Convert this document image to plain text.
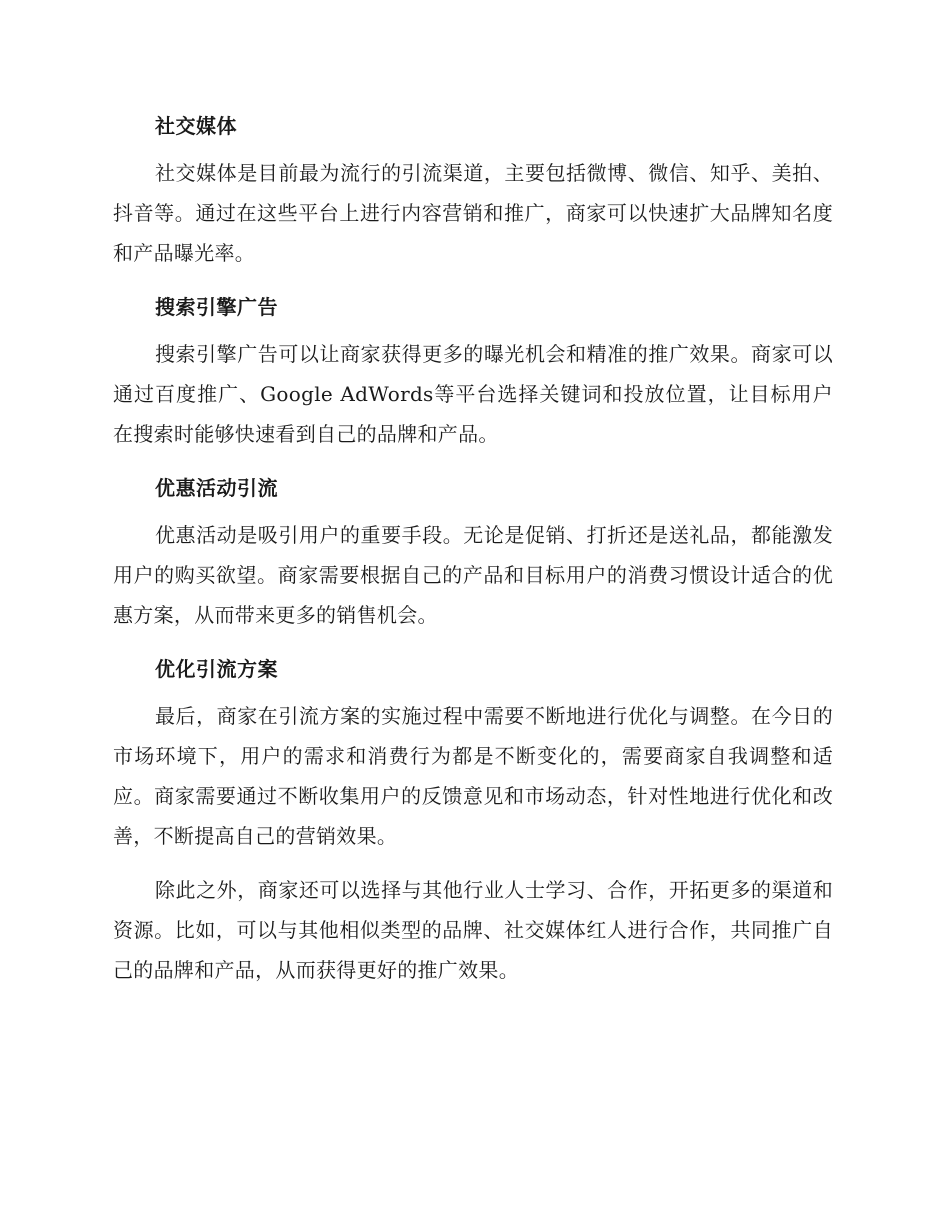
社交媒体

社交媒体是目前最为流行的引流渠道，主要包括微博、微信、知乎、美拍、抖音等。通过在这些平台上进行内容营销和推广，商家可以快速扩大品牌知名度和产品曝光率。

搜索引擎广告

搜索引擎广告可以让商家获得更多的曝光机会和精准的推广效果。商家可以通过百度推广、Google AdWords等平台选择关键词和投放位置，让目标用户在搜索时能够快速看到自己的品牌和产品。

优惠活动引流

优惠活动是吸引用户的重要手段。无论是促销、打折还是送礼品，都能激发用户的购买欲望。商家需要根据自己的产品和目标用户的消费习惯设计适合的优惠方案，从而带来更多的销售机会。

优化引流方案

最后，商家在引流方案的实施过程中需要不断地进行优化与调整。在今日的市场环境下，用户的需求和消费行为都是不断变化的，需要商家自我调整和适应。商家需要通过不断收集用户的反馈意见和市场动态，针对性地进行优化和改善，不断提高自己的营销效果。

除此之外，商家还可以选择与其他行业人士学习、合作，开拓更多的渠道和资源。比如，可以与其他相似类型的品牌、社交媒体红人进行合作，共同推广自己的品牌和产品，从而获得更好的推广效果。
